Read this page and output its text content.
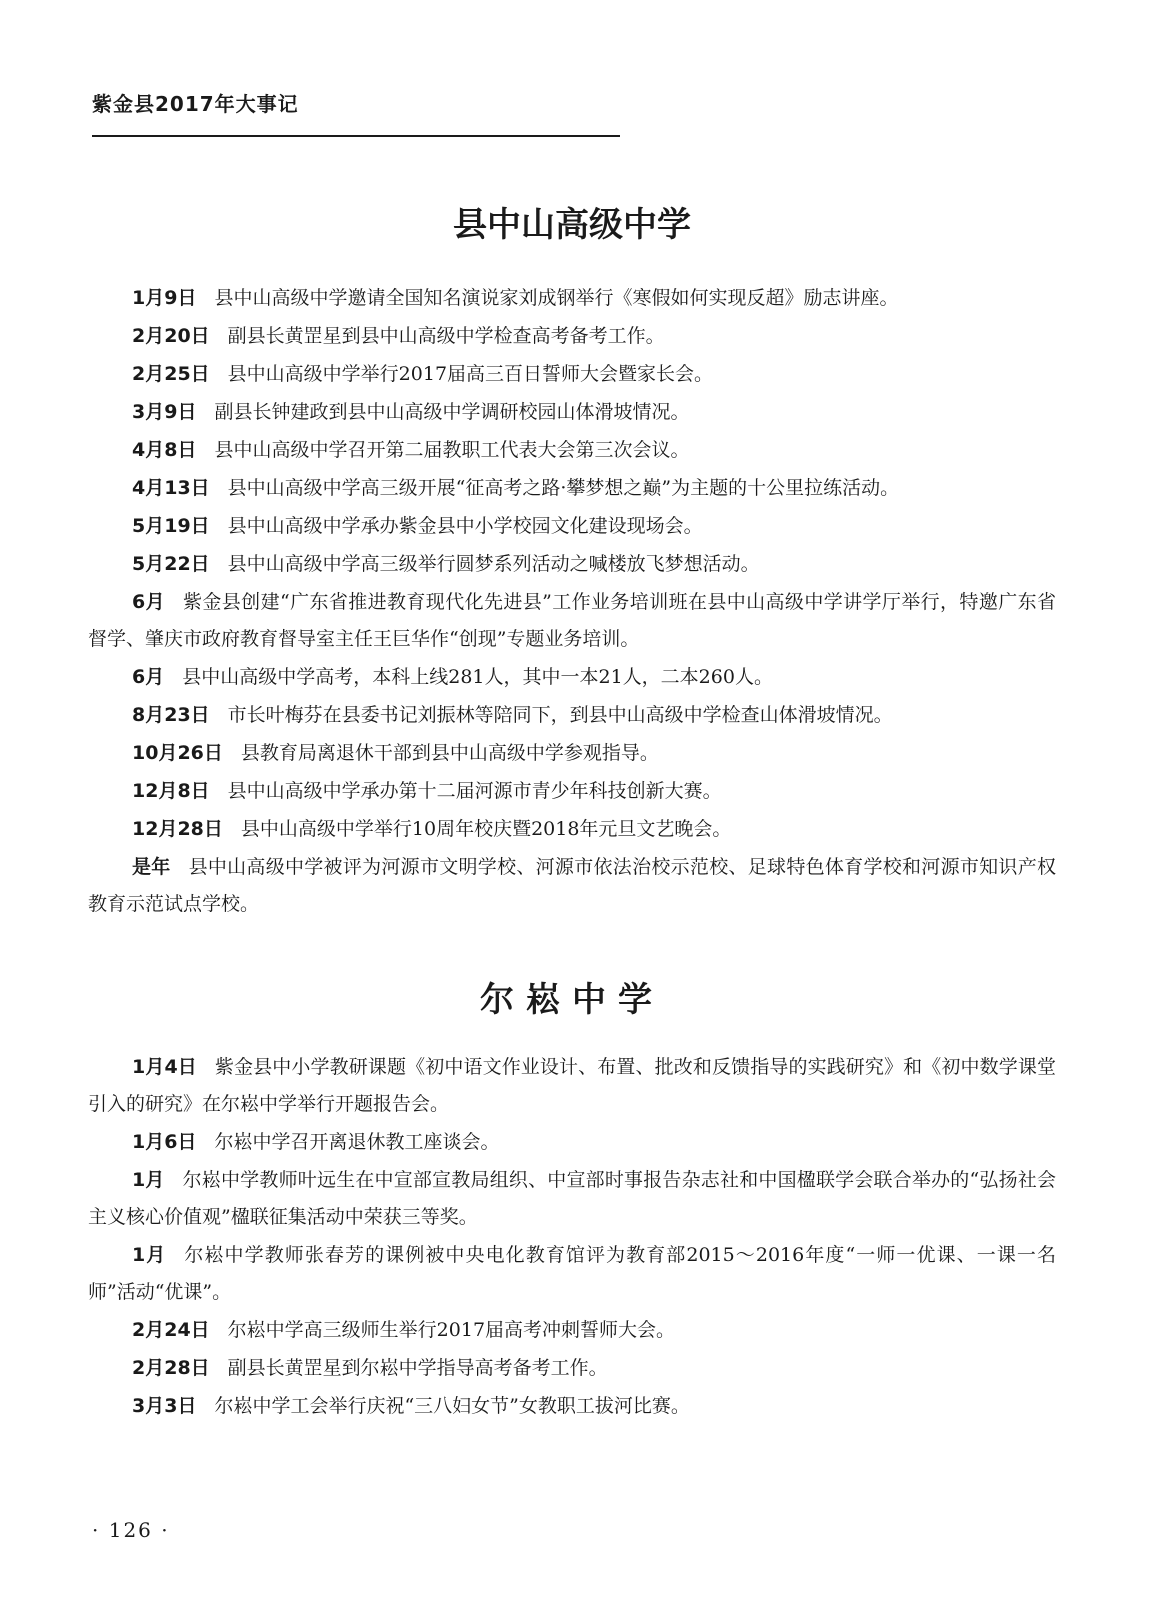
紫金县2017年大事记
县中山高级中学

1月9日 县中山高级中学邀请全国知名演说家刘成钢举行《寒假如何实现反超》励志讲座。

2月20日 副县长黄罡星到县中山高级中学检查高考备考工作。

2月25日 县中山高级中学举行2017届高三百日誓师大会暨家长会。

3月9日 副县长钟建政到县中山高级中学调研校园山体滑坡情况。

4月8日 县中山高级中学召开第二届教职工代表大会第三次会议。

4月13日 县中山高级中学高三级开展“征高考之路·攀梦想之巅”为主题的十公里拉练活动。

5月19日 县中山高级中学承办紫金县中小学校园文化建设现场会。

5月22日 县中山高级中学高三级举行圆梦系列活动之喊楼放飞梦想活动。

6月 紫金县创建“广东省推进教育现代化先进县”工作业务培训班在县中山高级中学讲学厅举行，特邀广东省督学、肇庆市政府教育督导室主任王巨华作“创现”专题业务培训。

6月 县中山高级中学高考，本科上线281人，其中一本21人，二本260人。

8月23日 市长叶梅芬在县委书记刘振林等陪同下，到县中山高级中学检查山体滑坡情况。

10月26日 县教育局离退休干部到县中山高级中学参观指导。

12月8日 县中山高级中学承办第十二届河源市青少年科技创新大赛。

12月28日 县中山高级中学举行10周年校庆暨2018年元旦文艺晚会。

是年 县中山高级中学被评为河源市文明学校、河源市依法治校示范校、足球特色体育学校和河源市知识产权教育示范试点学校。

尔崧中学

1月4日 紫金县中小学教研课题《初中语文作业设计、布置、批改和反馈指导的实践研究》和《初中数学课堂引入的研究》在尔崧中学举行开题报告会。

1月6日 尔崧中学召开离退休教工座谈会。

1月 尔崧中学教师叶远生在中宣部宣教局组织、中宣部时事报告杂志社和中国楹联学会联合举办的“弘扬社会主义核心价值观”楹联征集活动中荣获三等奖。

1月 尔崧中学教师张春芳的课例被中央电化教育馆评为教育部2015～2016年度“一师一优课、一课一名师”活动“优课”。

2月24日 尔崧中学高三级师生举行2017届高考冲刺誓师大会。

2月28日 副县长黄罡星到尔崧中学指导高考备考工作。

3月3日 尔崧中学工会举行庆祝“三八妇女节”女教职工拔河比赛。

· 126 ·
